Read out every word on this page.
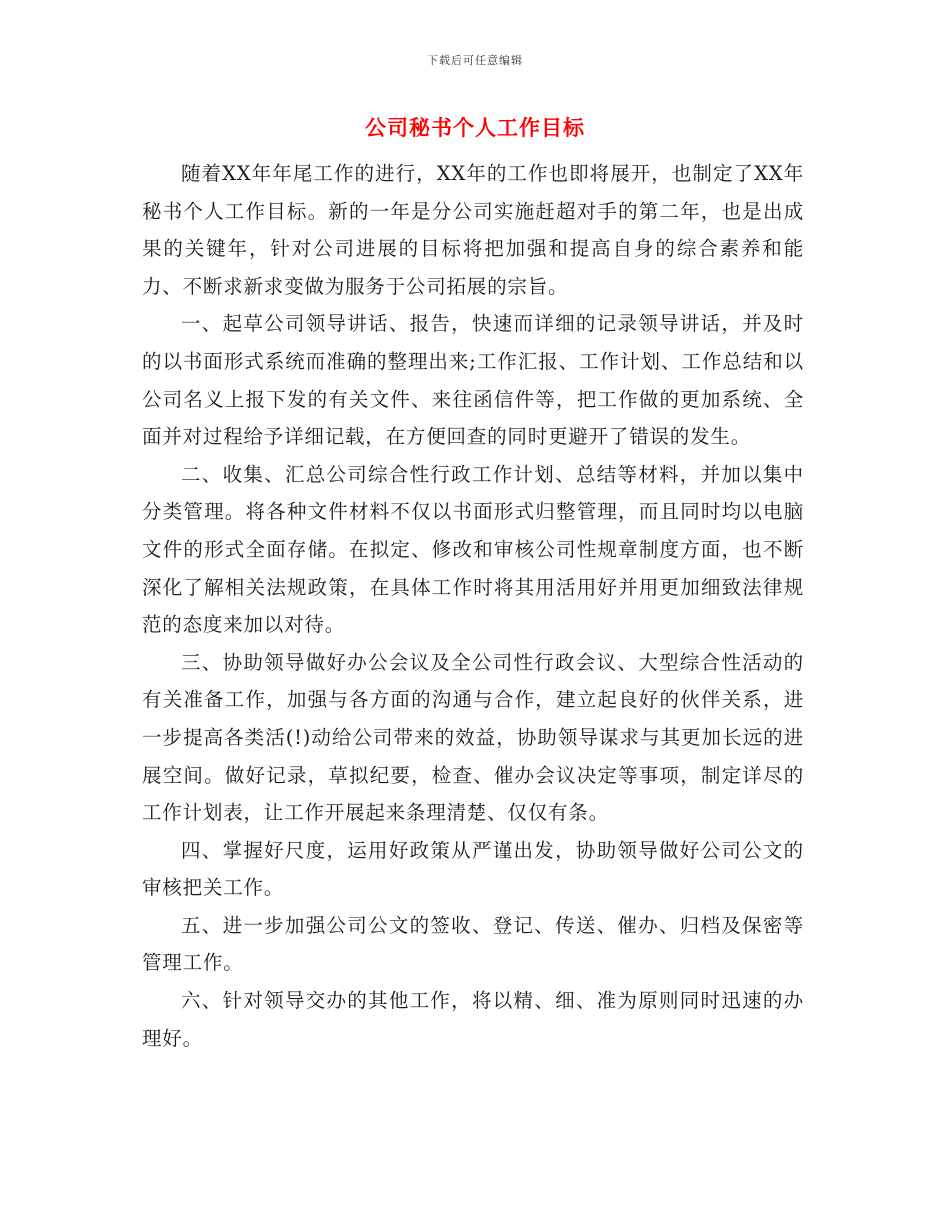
下载后可任意编辑
公司秘书个人工作目标

随着XX年年尾工作的进行，XX年的工作也即将展开，也制定了XX年秘书个人工作目标。新的一年是分公司实施赶超对手的第二年，也是出成果的关键年，针对公司进展的目标将把加强和提高自身的综合素养和能力、不断求新求变做为服务于公司拓展的宗旨。

一、起草公司领导讲话、报告，快速而详细的记录领导讲话，并及时的以书面形式系统而准确的整理出来;工作汇报、工作计划、工作总结和以公司名义上报下发的有关文件、来往函信件等，把工作做的更加系统、全面并对过程给予详细记载，在方便回查的同时更避开了错误的发生。

二、收集、汇总公司综合性行政工作计划、总结等材料，并加以集中分类管理。将各种文件材料不仅以书面形式归整管理，而且同时均以电脑文件的形式全面存储。在拟定、修改和审核公司性规章制度方面，也不断深化了解相关法规政策，在具体工作时将其用活用好并用更加细致法律规范的态度来加以对待。

三、协助领导做好办公会议及全公司性行政会议、大型综合性活动的有关准备工作，加强与各方面的沟通与合作，建立起良好的伙伴关系，进一步提高各类活(!)动给公司带来的效益，协助领导谋求与其更加长远的进展空间。做好记录，草拟纪要，检查、催办会议决定等事项，制定详尽的工作计划表，让工作开展起来条理清楚、仅仅有条。

四、掌握好尺度，运用好政策从严谨出发，协助领导做好公司公文的审核把关工作。

五、进一步加强公司公文的签收、登记、传送、催办、归档及保密等管理工作。

六、针对领导交办的其他工作，将以精、细、准为原则同时迅速的办理好。
